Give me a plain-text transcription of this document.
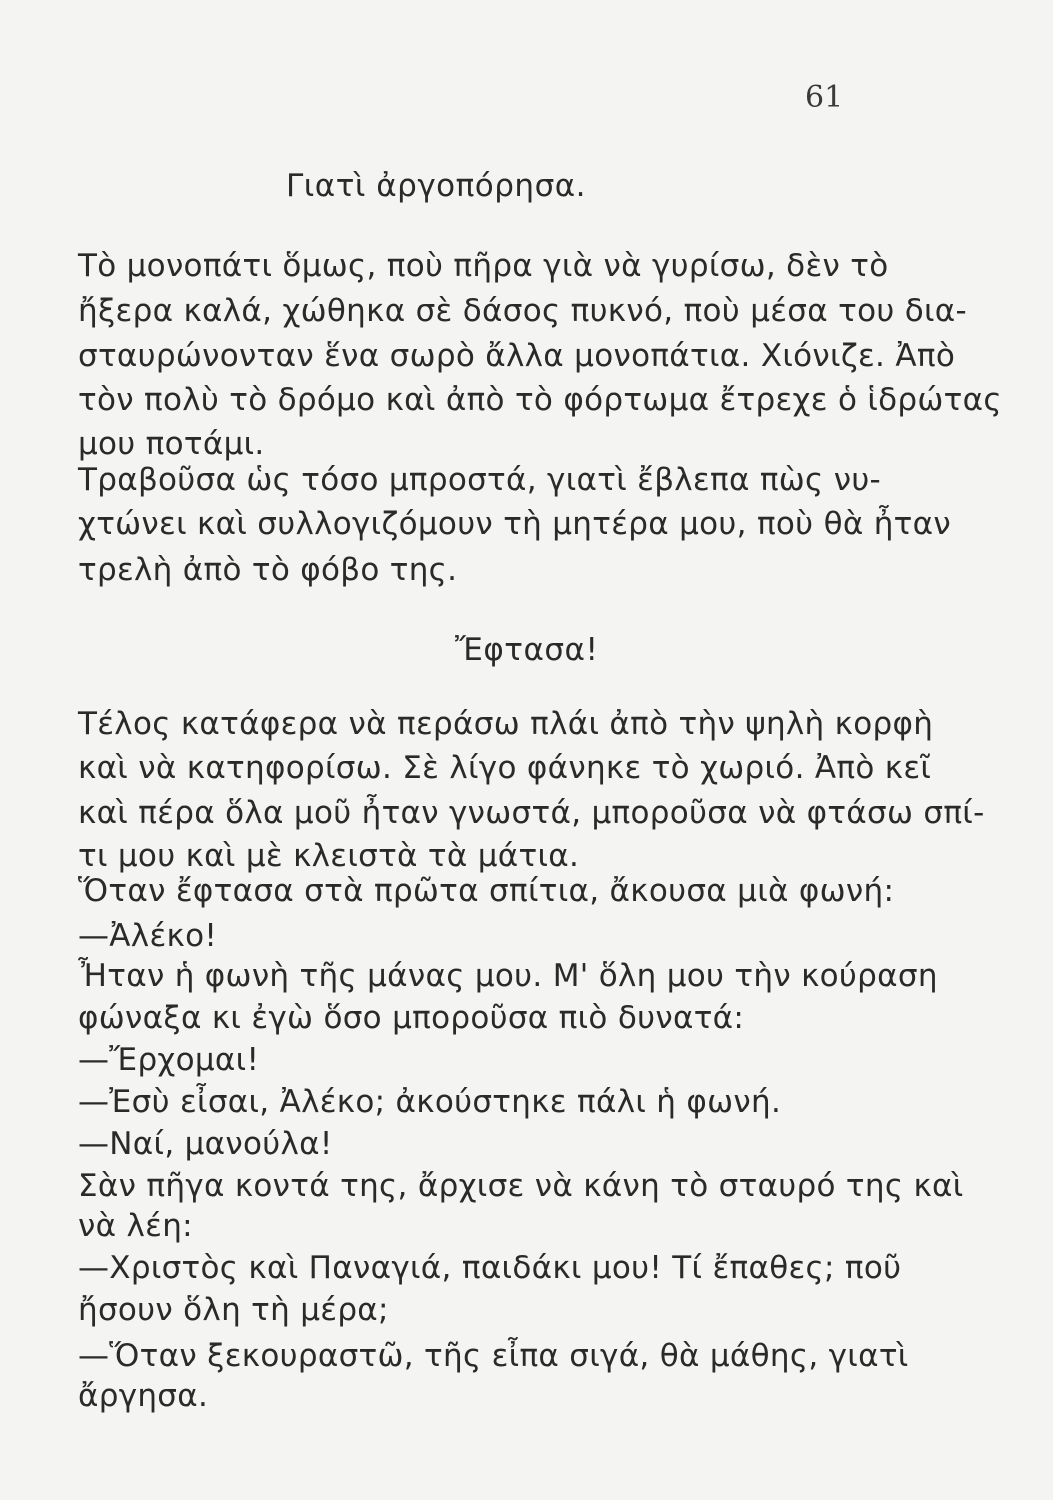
61
Γιατὶ ἀργοπόρησα.
Τὸ μονοπάτι ὅμως, ποὺ πῆρα γιὰ νὰ γυρίσω, δὲν τὸ
ἤξερα καλά, χώθηκα σὲ δάσος πυκνό, ποὺ μέσα του δια-
σταυρώνονταν ἕνα σωρὸ ἄλλα μονοπάτια. Χιόνιζε. Ἀπὸ
τὸν πολὺ τὸ δρόμο καὶ ἀπὸ τὸ φόρτωμα ἔτρεχε ὁ ἱδρώτας
μου ποτάμι.
Τραβοῦσα ὡς τόσο μπροστά, γιατὶ ἔβλεπα πὼς νυ-
χτώνει καὶ συλλογιζόμουν τὴ μητέρα μου, ποὺ θὰ ἦταν
τρελὴ ἀπὸ τὸ φόβο της.
Ἔφτασα!
Τέλος κατάφερα νὰ περάσω πλάι ἀπὸ τὴν ψηλὴ κορφὴ
καὶ νὰ κατηφορίσω. Σὲ λίγο φάνηκε τὸ χωριό. Ἀπὸ κεῖ
καὶ πέρα ὅλα μοῦ ἦταν γνωστά, μποροῦσα νὰ φτάσω σπί-
τι μου καὶ μὲ κλειστὰ τὰ μάτια.
Ὅταν ἔφτασα στὰ πρῶτα σπίτια, ἄκουσα μιὰ φωνή:
—Ἀλέκο!
Ἦταν ἡ φωνὴ τῆς μάνας μου. Μ' ὅλη μου τὴν κούραση
φώναξα κι ἐγὼ ὅσο μποροῦσα πιὸ δυνατά:
—Ἔρχομαι!
—Ἐσὺ εἶσαι, Ἀλέκο; ἀκούστηκε πάλι ἡ φωνή.
—Ναί, μανούλα!
Σὰν πῆγα κοντά της, ἄρχισε νὰ κάνη τὸ σταυρό της καὶ
νὰ λέη:
—Χριστὸς καὶ Παναγιά, παιδάκι μου! Τί ἔπαθες; ποῦ
ἤσουν ὅλη τὴ μέρα;
—Ὅταν ξεκουραστῶ, τῆς εἶπα σιγά, θὰ μάθης, γιατὶ
ἄργησα.
